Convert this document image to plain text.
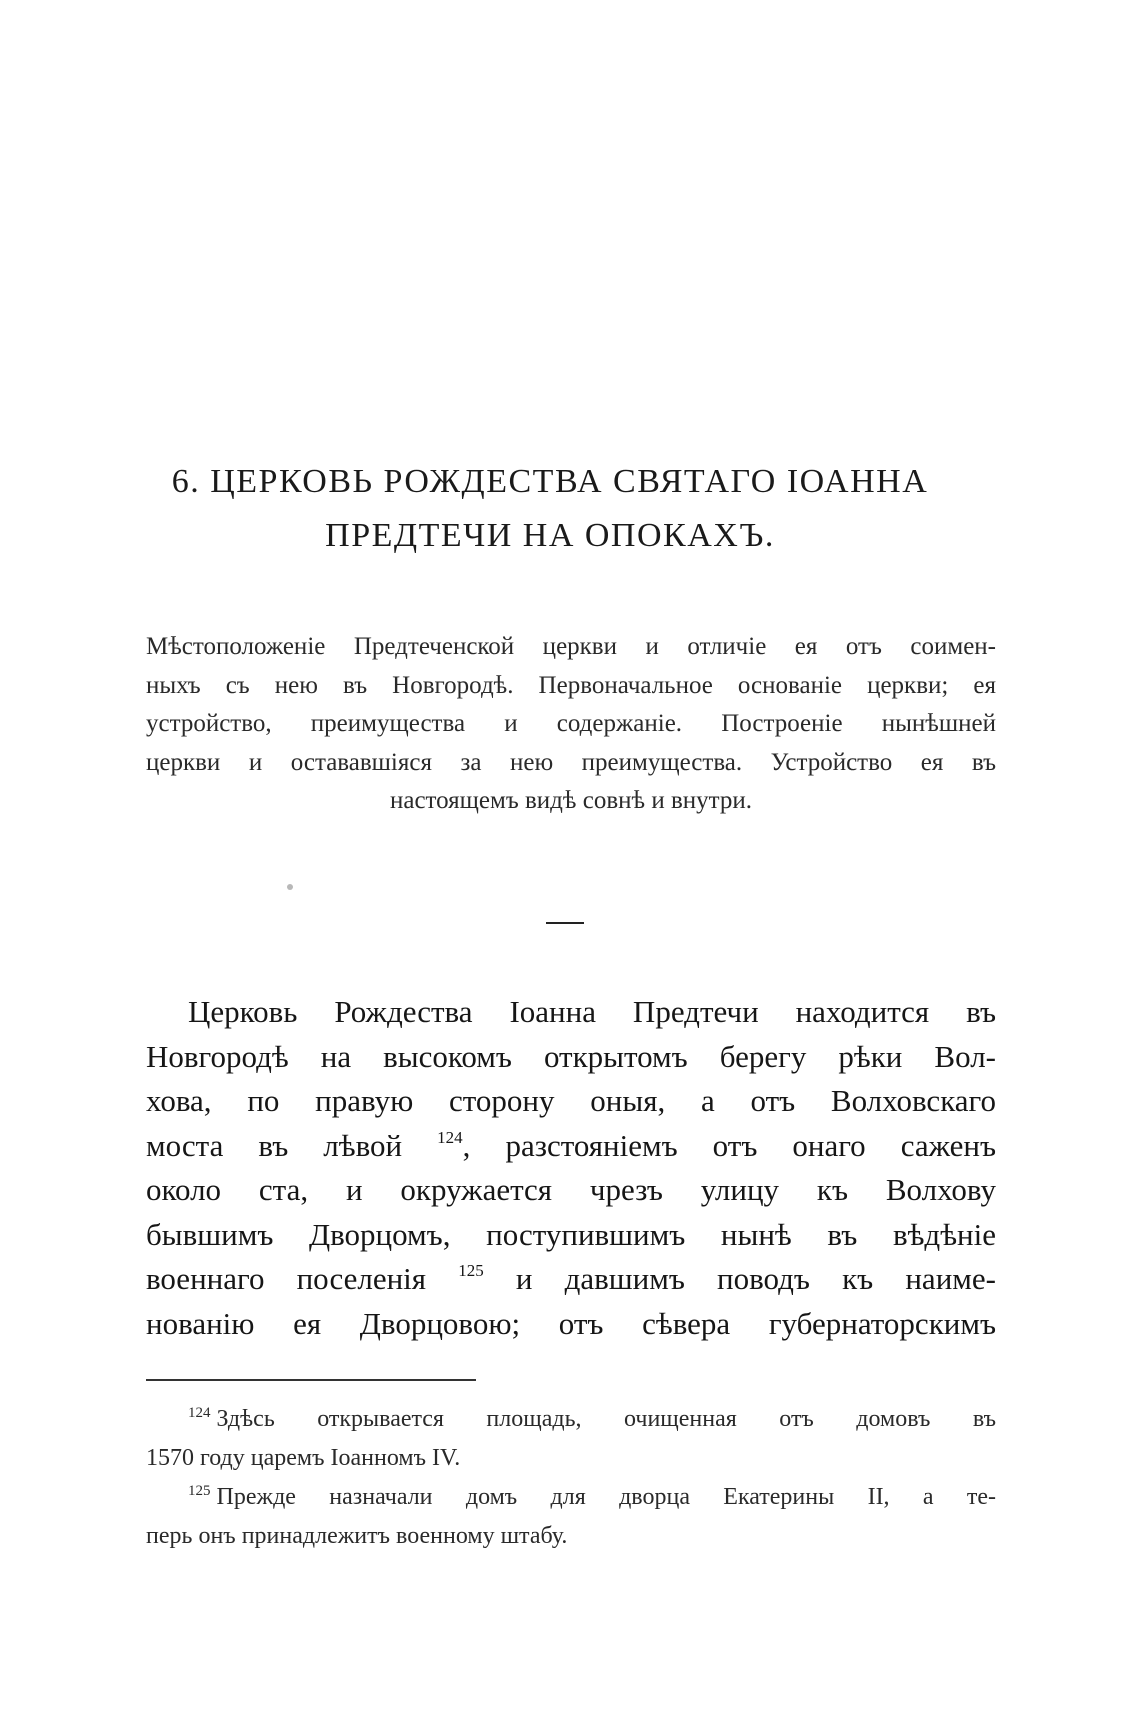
6. ЦЕРКОВЬ РОЖДЕСТВА СВЯТАГО ІОАННА
ПРЕДТЕЧИ НА ОПОКАХЪ.
Мѣстоположеніе Предтеченской церкви и отличіе ея отъ соимен-
ныхъ съ нею въ Новгородѣ. Первоначальное основаніе церкви; ея
устройство, преимущества и содержаніе. Построеніе нынѣшней
церкви и остававшіяся за нею преимущества. Устройство ея въ
настоящемъ видѣ совнѣ и внутри.
Церковь Рождества Іоанна Предтечи находится въ
Новгородѣ на высокомъ открытомъ берегу рѣки Вол-
хова, по правую сторону оныя, а отъ Волховскаго
моста въ лѣвой $^{124}$, разстояніемъ отъ онаго саженъ
около ста, и окружается чрезъ улицу къ Волхову
бывшимъ Дворцомъ, поступившимъ нынѣ въ вѣдѣніе
военнаго поселенія $^{125}$ и давшимъ поводъ къ наиме-
нованію ея Дворцовою; отъ сѣвера губернаторскимъ
$^{124}$ Здѣсь открывается площадь, очищенная отъ домовъ въ
1570 году царемъ Іоанномъ IV.
$^{125}$ Прежде назначали домъ для дворца Екатерины II, а те-
перь онъ принадлежитъ военному штабу.
